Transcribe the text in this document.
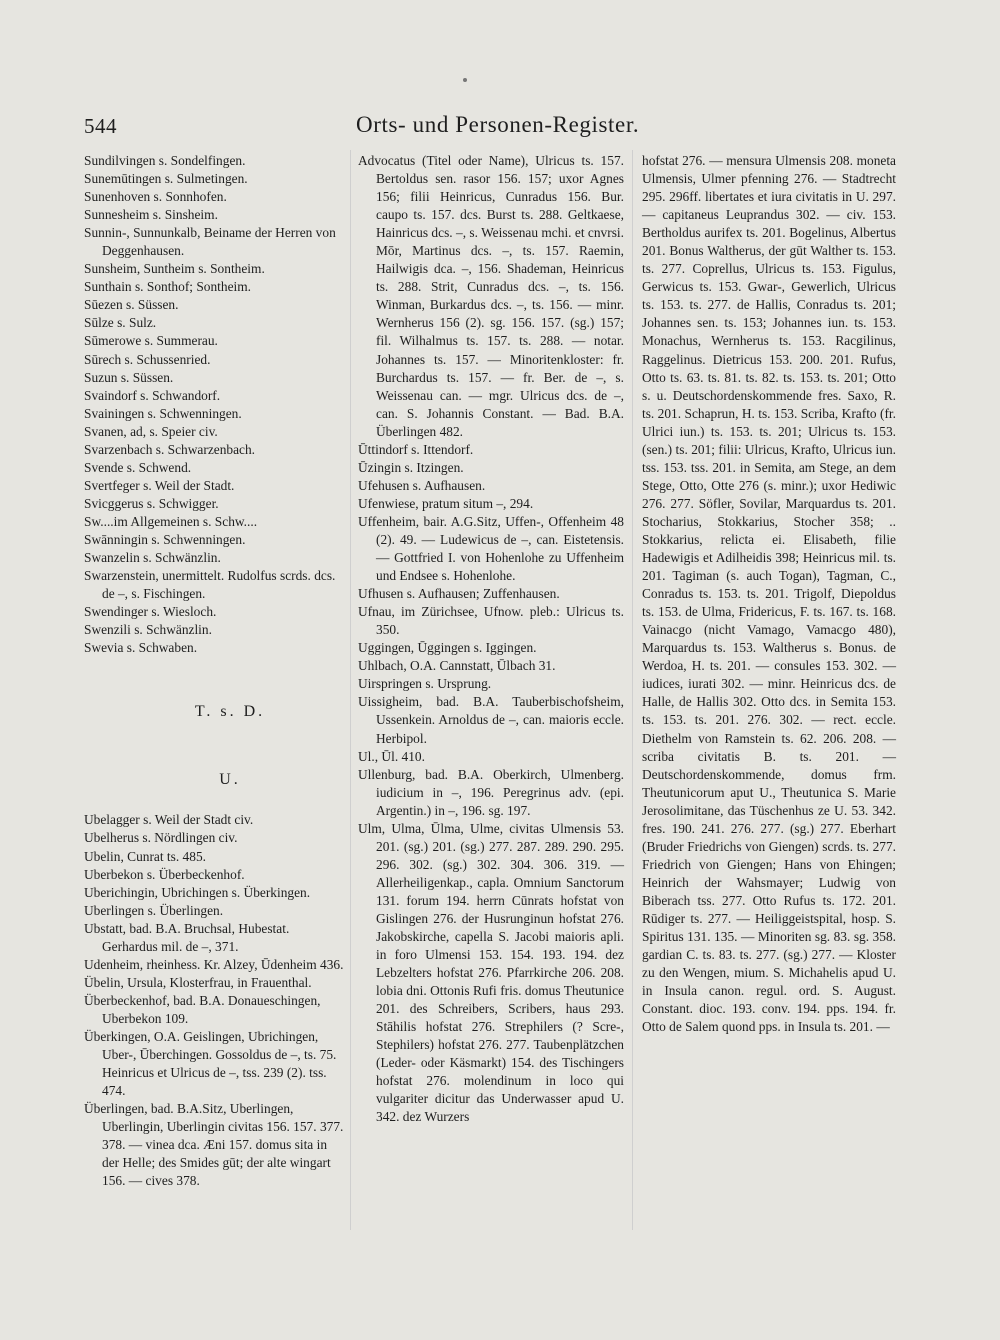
544	Orts- und Personen-Register.

Sundilvingen s. Sondelfingen.

Sunemūtingen s. Sulmetingen.

Sunenhoven s. Sonnhofen.

Sunnesheim s. Sinsheim.

Sunnin-, Sunnunkalb, Beiname der Herren von Deggenhausen.

Sunsheim, Suntheim s. Sontheim.

Sunthain s. Sonthof; Sontheim.

Sūezen s. Süssen.

Sūlze s. Sulz.

Sūmerowe s. Summerau.

Sūrech s. Schussenried.

Suzun s. Süssen.

Svaindorf s. Schwandorf.

Svainingen s. Schwenningen.

Svanen, ad, s. Speier civ.

Svarzenbach s. Schwarzenbach.

Svende s. Schwend.

Svertfeger s. Weil der Stadt.

Svicggerus s. Schwigger.

Sw....im Allgemeinen s. Schw....

Swānningin s. Schwenningen.

Swanzelin s. Schwänzlin.

Swarzenstein, unermittelt. Rudolfus scrds. dcs. de –, s. Fischingen.

Swendinger s. Wiesloch.

Swenzili s. Schwänzlin.

Swevia s. Schwaben.

T. s. D.

U.

Ubelagger s. Weil der Stadt civ.

Ubelherus s. Nördlingen civ.

Ubelin, Cunrat ts. 485.

Uberbekon s. Überbeckenhof.

Uberichingin, Ubrichingen s. Überkingen.

Uberlingen s. Überlingen.

Ubstatt, bad. B.A. Bruchsal, Hubestat. Gerhardus mil. de –, 371.

Udenheim, rheinhess. Kr. Alzey, Ūdenheim 436.

Übelin, Ursula, Klosterfrau, in Frauenthal.

Überbeckenhof, bad. B.A. Donaueschingen, Uberbekon 109.

Überkingen, O.A. Geislingen, Ubrichingen, Uber-, Ūberchingen. Gossoldus de –, ts. 75. Heinricus et Ulricus de –, tss. 239 (2). tss. 474.

Überlingen, bad. B.A.Sitz, Uberlingen, Uberlingin, Uberlingin civitas 156. 157. 377. 378. — vinea dca. Æni 157. domus sita in der Helle; des Smides gūt; der alte wingart 156. — cives 378.

Advocatus (Titel oder Name), Ulricus ts. 157. Bertoldus sen. rasor 156. 157; uxor Agnes 156; filii Heinricus, Cunradus 156. Bur. caupo ts. 157. dcs. Burst ts. 288. Geltkaese, Hainricus dcs. –, s. Weissenau mchi. et cnvrsi. Mōr, Martinus dcs. –, ts. 157. Raemin, Hailwigis dca. –, 156. Shademan, Heinricus ts. 288. Strit, Cunradus dcs. –, ts. 156. Winman, Burkardus dcs. –, ts. 156. — minr. Wernherus 156 (2). sg. 156. 157. (sg.) 157; fil. Wilhalmus ts. 157. ts. 288. — notar. Johannes ts. 157. — Minoritenkloster: fr. Burchardus ts. 157. — fr. Ber. de –, s. Weissenau can. — mgr. Ulricus dcs. de –, can. S. Johannis Constant. — Bad. B.A. Überlingen 482.

Ūttindorf s. Ittendorf.

Ūzingin s. Itzingen.

Ufehusen s. Aufhausen.

Ufenwiese, pratum situm –, 294.

Uffenheim, bair. A.G.Sitz, Uffen-, Offenheim 48 (2). 49. — Ludewicus de –, can. Eistetensis. — Gottfried I. von Hohenlohe zu Uffenheim und Endsee s. Hohenlohe.

Ufhusen s. Aufhausen; Zuffenhausen.

Ufnau, im Zürichsee, Ufnow. pleb.: Ulricus ts. 350.

Uggingen, Ūggingen s. Iggingen.

Uhlbach, O.A. Cannstatt, Ūlbach 31.

Uirspringen s. Ursprung.

Uissigheim, bad. B.A. Tauberbischofsheim, Ussenkein. Arnoldus de –, can. maioris eccle. Herbipol.

Ul., Ūl. 410.

Ullenburg, bad. B.A. Oberkirch, Ulmenberg. iudicium in –, 196. Peregrinus adv. (epi. Argentin.) in –, 196. sg. 197.

Ulm, Ulma, Ūlma, Ulme, civitas Ulmensis 53. 201. (sg.) 201. (sg.) 277. 287. 289. 290. 295. 296. 302. (sg.) 302. 304. 306. 319. — Allerheiligenkap., capla. Omnium Sanctorum 131. forum 194. herrn Cūnrats hofstat von Gislingen 276. der Husrunginun hofstat 276. Jakobskirche, capella S. Jacobi maioris apli. in foro Ulmensi 153. 154. 193. 194. dez Lebzelters hofstat 276. Pfarrkirche 206. 208. lobia dni. Ottonis Rufi fris. domus Theutunice 201. des Schreibers, Scribers, haus 293. Stāhilis hofstat 276. Strephilers (? Scre-, Stephilers) hofstat 276. 277. Taubenplätzchen (Leder- oder Käsmarkt) 154. des Tischingers hofstat 276. molendinum in loco qui vulgariter dicitur das Underwasser apud U. 342. dez Wurzers

hofstat 276. — mensura Ulmensis 208. moneta Ulmensis, Ulmer pfenning 276. — Stadtrecht 295. 296ff. libertates et iura civitatis in U. 297. — capitaneus Leuprandus 302. — civ. 153. Bertholdus aurifex ts. 201. Bogelinus, Albertus 201. Bonus Waltherus, der gūt Walther ts. 153. ts. 277. Coprellus, Ulricus ts. 153. Figulus, Gerwicus ts. 153. Gwar-, Gewerlich, Ulricus ts. 153. ts. 277. de Hallis, Conradus ts. 201; Johannes sen. ts. 153; Johannes iun. ts. 153. Monachus, Wernherus ts. 153. Racgilinus, Raggelinus. Dietricus 153. 200. 201. Rufus, Otto ts. 63. ts. 81. ts. 82. ts. 153. ts. 201; Otto s. u. Deutschordenskommende fres. Saxo, R. ts. 201. Schaprun, H. ts. 153. Scriba, Krafto (fr. Ulrici iun.) ts. 153. ts. 201; Ulricus ts. 153. (sen.) ts. 201; filii: Ulricus, Krafto, Ulricus iun. tss. 153. tss. 201. in Semita, am Stege, an dem Stege, Otto, Otte 276 (s. minr.); uxor Hediwic 276. 277. Söfler, Sovilar, Marquardus ts. 201. Stocharius, Stokkarius, Stocher 358; .. Stokkarius, relicta ei. Elisabeth, filie Hadewigis et Adilheidis 398; Heinricus mil. ts. 201. Tagiman (s. auch Togan), Tagman, C., Conradus ts. 153. ts. 201. Trigolf, Diepoldus ts. 153. de Ulma, Fridericus, F. ts. 167. ts. 168. Vainacgo (nicht Vamago, Vamacgo 480), Marquardus ts. 153. Waltherus s. Bonus. de Werdoa, H. ts. 201. — consules 153. 302. — iudices, iurati 302. — minr. Heinricus dcs. de Halle, de Hallis 302. Otto dcs. in Semita 153. ts. 153. ts. 201. 276. 302. — rect. eccle. Diethelm von Ramstein ts. 62. 206. 208. — scriba civitatis B. ts. 201. — Deutschordenskommende, domus frm. Theutunicorum aput U., Theutunica S. Marie Jerosolimitane, das Tüschenhus ze U. 53. 342. fres. 190. 241. 276. 277. (sg.) 277. Eberhart (Bruder Friedrichs von Giengen) scrds. ts. 277. Friedrich von Giengen; Hans von Ehingen; Heinrich der Wahsmayer; Ludwig von Biberach tss. 277. Otto Rufus ts. 172. 201. Rūdiger ts. 277. — Heiliggeistspital, hosp. S. Spiritus 131. 135. — Minoriten sg. 83. sg. 358. gardian C. ts. 83. ts. 277. (sg.) 277. — Kloster zu den Wengen, mium. S. Michahelis apud U. in Insula canon. regul. ord. S. August. Constant. dioc. 193. conv. 194. pps. 194. fr. Otto de Salem quond pps. in Insula ts. 201. —
